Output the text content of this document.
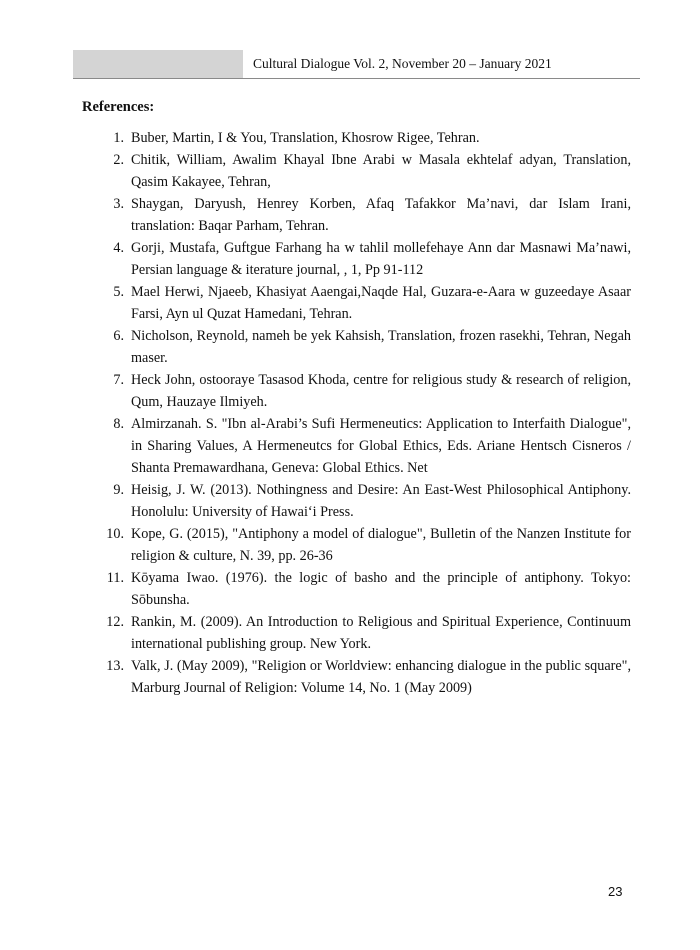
Cultural Dialogue Vol. 2, November 20 – January 2021
References:
1. Buber, Martin, I & You, Translation, Khosrow Rigee, Tehran.
2. Chitik, William, Awalim Khayal Ibne Arabi w Masala ekhtelaf adyan, Translation, Qasim Kakayee, Tehran,
3. Shaygan, Daryush, Henrey Korben, Afaq Tafakkor Ma’navi, dar Islam Irani, translation: Baqar Parham, Tehran.
4. Gorji, Mustafa, Guftgue Farhang ha w tahlil mollefehaye Ann dar Masnawi Ma’nawi, Persian language & iterature journal, , 1, Pp 91-112
5. Mael Herwi, Njaeeb, Khasiyat Aaengai,Naqde Hal, Guzara-e-Aara w guzeedaye Asaar Farsi, Ayn ul Quzat Hamedani, Tehran.
6. Nicholson, Reynold, nameh be yek Kahsish, Translation, frozen rasekhi, Tehran, Negah maser.
7. Heck John, ostooraye Tasasod Khoda, centre for religious study & research of religion, Qum, Hauzaye Ilmiyeh.
8. Almirzanah. S. "Ibn al-Arabi’s Sufi Hermeneutics: Application to Interfaith Dialogue", in Sharing Values, A Hermeneutcs for Global Ethics, Eds. Ariane Hentsch Cisneros / Shanta Premawardhana, Geneva: Global Ethics. Net
9. Heisig, J. W. (2013). Nothingness and Desire: An East-West Philosophical Antiphony. Honolulu: University of Hawai‘i Press.
10. Kope, G. (2015), "Antiphony a model of dialogue", Bulletin of the Nanzen Institute for religion & culture, N. 39, pp. 26-36
11. Kōyama Iwao. (1976). the logic of basho and the principle of antiphony. Tokyo: Sōbunsha.
12. Rankin, M. (2009). An Introduction to Religious and Spiritual Experience, Continuum international publishing group. New York.
13. Valk, J. (May 2009), "Religion or Worldview: enhancing dialogue in the public square", Marburg Journal of Religion: Volume 14, No. 1 (May 2009)
23
